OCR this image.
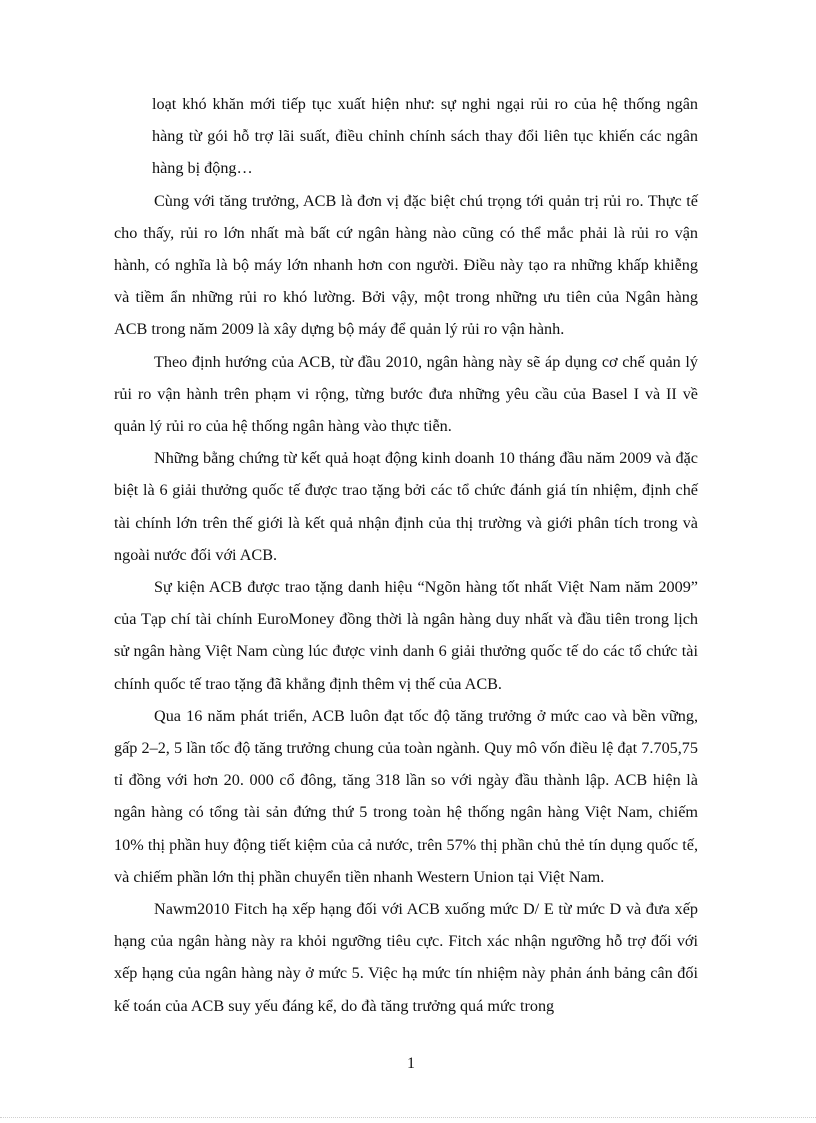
loạt khó khăn mới tiếp tục xuất hiện như: sự nghi ngại rủi ro của hệ thống ngân hàng từ gói hỗ trợ lãi suất, điều chỉnh chính sách thay đổi liên tục khiến các ngân hàng bị động…

Cùng với tăng trưởng, ACB là đơn vị đặc biệt chú trọng tới quản trị rủi ro. Thực tế cho thấy, rủi ro lớn nhất mà bất cứ ngân hàng nào cũng có thể mắc phải là rủi ro vận hành, có nghĩa là bộ máy lớn nhanh hơn con người. Điều này tạo ra những khấp khiễng và tiềm ẩn những rủi ro khó lường. Bởi vậy, một trong những ưu tiên của Ngân hàng ACB trong năm 2009 là xây dựng bộ máy để quản lý rủi ro vận hành.

Theo định hướng của ACB, từ đầu 2010, ngân hàng này sẽ áp dụng cơ chế quản lý rủi ro vận hành trên phạm vi rộng, từng bước đưa những yêu cầu của Basel I và II về quản lý rủi ro của hệ thống ngân hàng vào thực tiễn.

Những bằng chứng từ kết quả hoạt động kinh doanh 10 tháng đầu năm 2009 và đặc biệt là 6 giải thưởng quốc tế được trao tặng bởi các tổ chức đánh giá tín nhiệm, định chế tài chính lớn trên thế giới là kết quả nhận định của thị trường và giới phân tích trong và ngoài nước đối với ACB.

Sự kiện ACB được trao tặng danh hiệu “Ngõn hàng tốt nhất Việt Nam năm 2009” của Tạp chí tài chính EuroMoney đồng thời là ngân hàng duy nhất và đầu tiên trong lịch sử ngân hàng Việt Nam cùng lúc được vinh danh 6 giải thưởng quốc tế do các tổ chức tài chính quốc tế trao tặng đã khẳng định thêm vị thế của ACB.

Qua 16 năm phát triển, ACB luôn đạt tốc độ tăng trưởng ở mức cao và bền vững, gấp 2–2, 5 lần tốc độ tăng trưởng chung của toàn ngành. Quy mô vốn điều lệ đạt 7.705,75 tỉ đồng với hơn 20. 000 cổ đông, tăng 318 lần so với ngày đầu thành lập. ACB hiện là ngân hàng có tổng tài sản đứng thứ 5 trong toàn hệ thống ngân hàng Việt Nam, chiếm 10% thị phần huy động tiết kiệm của cả nước, trên 57% thị phần chủ thẻ tín dụng quốc tế, và chiếm phần lớn thị phần chuyển tiền nhanh Western Union tại Việt Nam.

Nawm2010 Fitch hạ xếp hạng đối với ACB xuống mức D/ E từ mức D và đưa xếp hạng của ngân hàng này ra khỏi ngưỡng tiêu cực. Fitch xác nhận ngưỡng hỗ trợ đối với xếp hạng của ngân hàng này ở mức 5. Việc hạ mức tín nhiệm này phản ánh bảng cân đối kế toán của ACB suy yếu đáng kể, do đà tăng trưởng quá mức trong

1
